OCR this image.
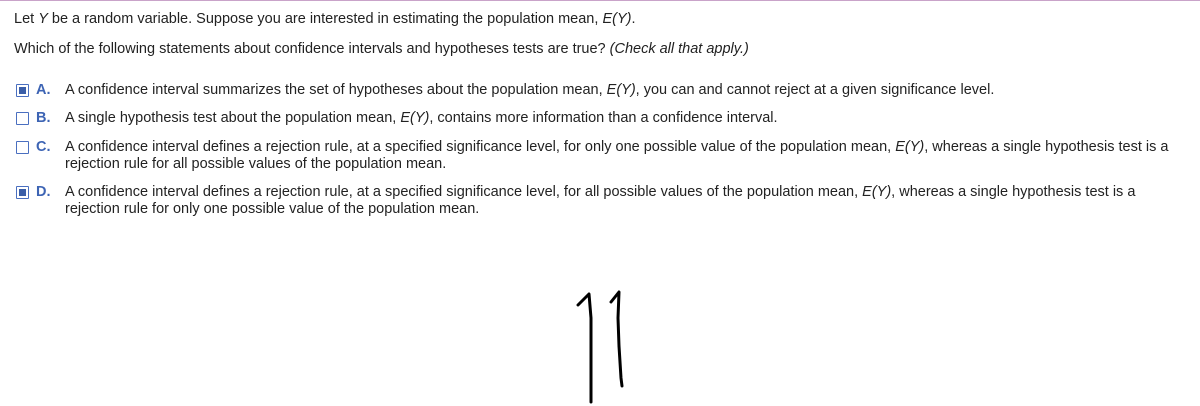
Let Y be a random variable. Suppose you are interested in estimating the population mean, E(Y).
Which of the following statements about confidence intervals and hypotheses tests are true? (Check all that apply.)
A.	A confidence interval summarizes the set of hypotheses about the population mean, E(Y), you can and cannot reject at a given significance level.
B.	A single hypothesis test about the population mean, E(Y), contains more information than a confidence interval.
C.	A confidence interval defines a rejection rule, at a specified significance level, for only one possible value of the population mean, E(Y), whereas a single hypothesis test is a rejection rule for all possible values of the population mean.
D.	A confidence interval defines a rejection rule, at a specified significance level, for all possible values of the population mean, E(Y), whereas a single hypothesis test is a rejection rule for only one possible value of the population mean.
